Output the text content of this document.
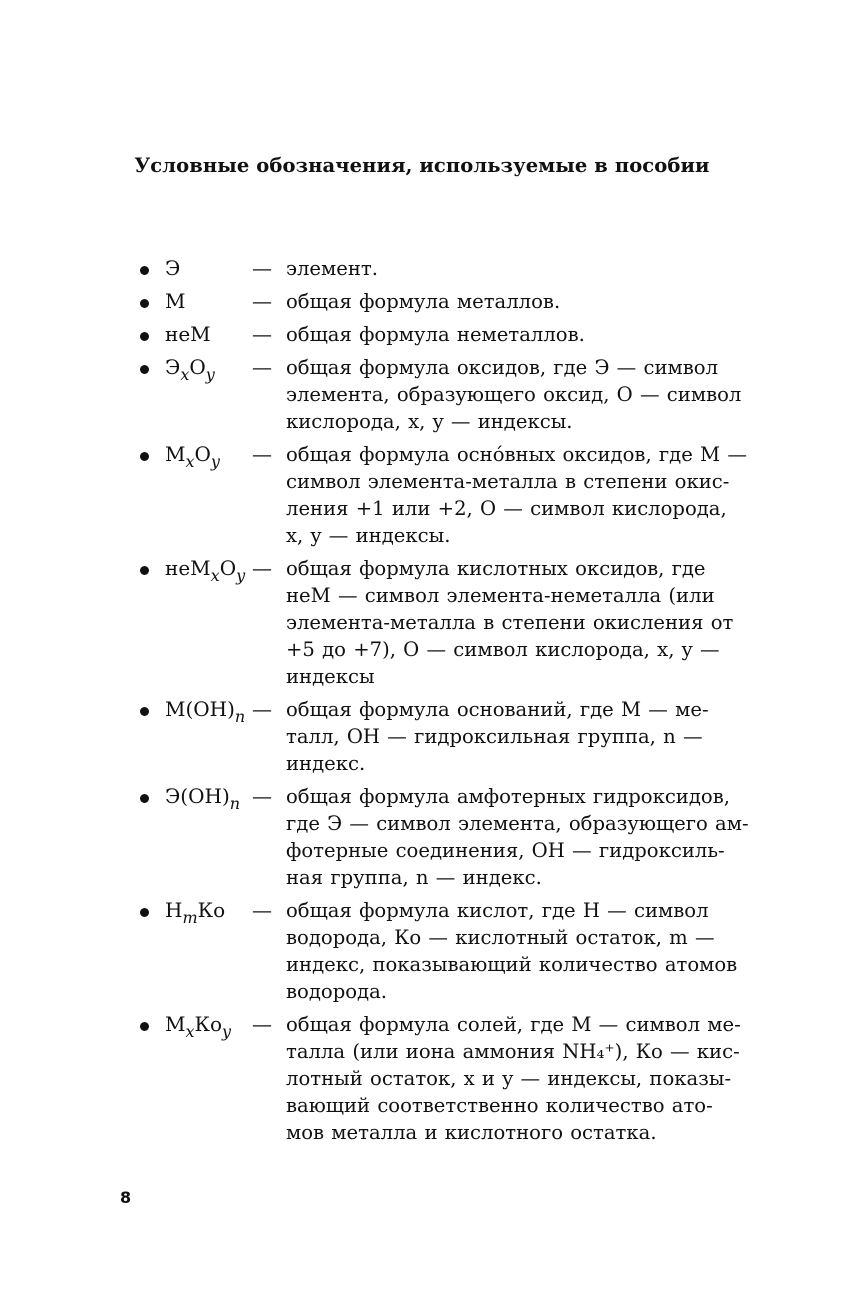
Условные обозначения, используемые в пособии
Э	— элемент.
М	— общая формула металлов.
неМ — общая формула неметаллов.
$Э_xO_y$ — общая формула оксидов, где Э — символ
элемента, образующего оксид, О — символ
кислорода, x, y — индексы.
$М_xO_y$ — общая формула осно́вных оксидов, где М —
символ элемента-металла в степени окис-
ления +1 или +2, О — символ кислорода,
x, y — индексы.
$неМ_xO_y$ — общая формула кислотных оксидов, где
неМ — символ элемента-неметалла (или
элемента-металла в степени окисления от
+5 до +7), О — символ кислорода, x, y —
индексы
$М(ОН)_n$ — общая формула оснований, где М — ме-
талл, ОН — гидроксильная группа, n —
индекс.
$Э(ОН)_n$ — общая формула амфотерных гидроксидов,
где Э — символ элемента, образующего ам-
фотерные соединения, ОН — гидроксиль-
ная группа, n — индекс.
$Н_mКо$ — общая формула кислот, где Н — символ
водорода, Ко — кислотный остаток, m —
индекс, показывающий количество атомов
водорода.
$М_xКо_y$ — общая формула солей, где М — символ ме-
талла (или иона аммония NH₄⁺), Ко — кис-
лотный остаток, x и y — индексы, показы-
вающий соответственно количество ато-
мов металла и кислотного остатка.
8
